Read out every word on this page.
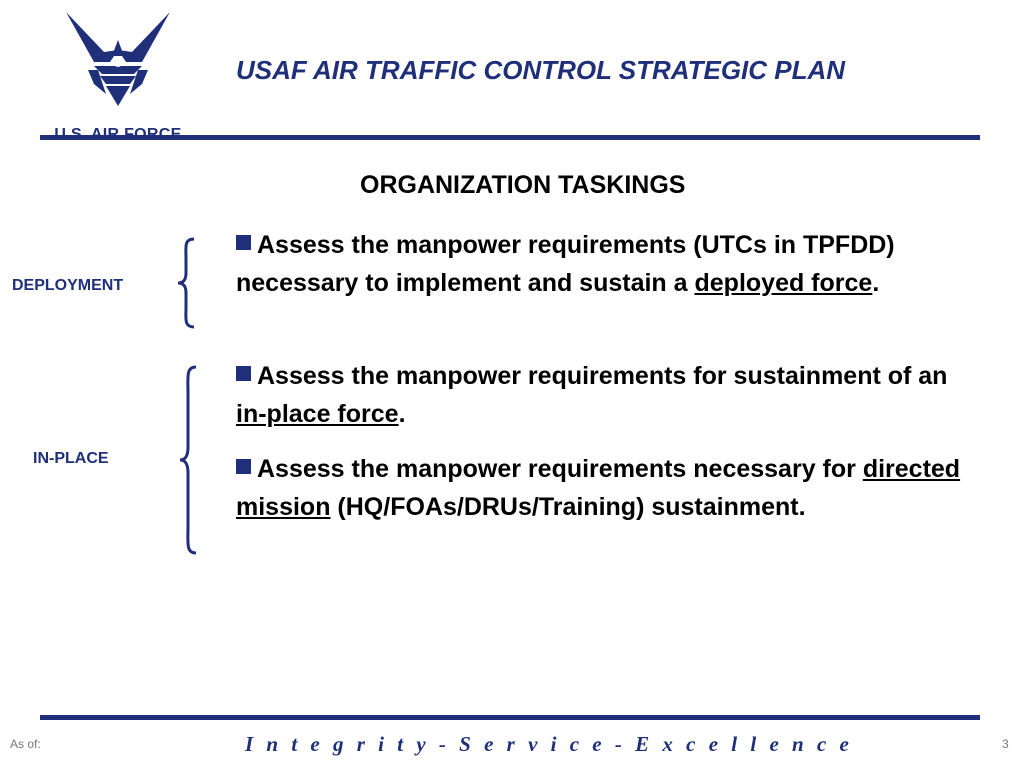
USAF AIR TRAFFIC CONTROL STRATEGIC PLAN
ORGANIZATION TASKINGS
DEPLOYMENT
IN-PLACE
Assess the manpower requirements (UTCs in TPFDD) necessary to implement and sustain a deployed force.
Assess the manpower requirements for sustainment of an in-place force.
Assess the manpower requirements necessary for directed mission (HQ/FOAs/DRUs/Training) sustainment.
As of:	I n t e g r i t y - S e r v i c e - E x c e l l e n c e	3
